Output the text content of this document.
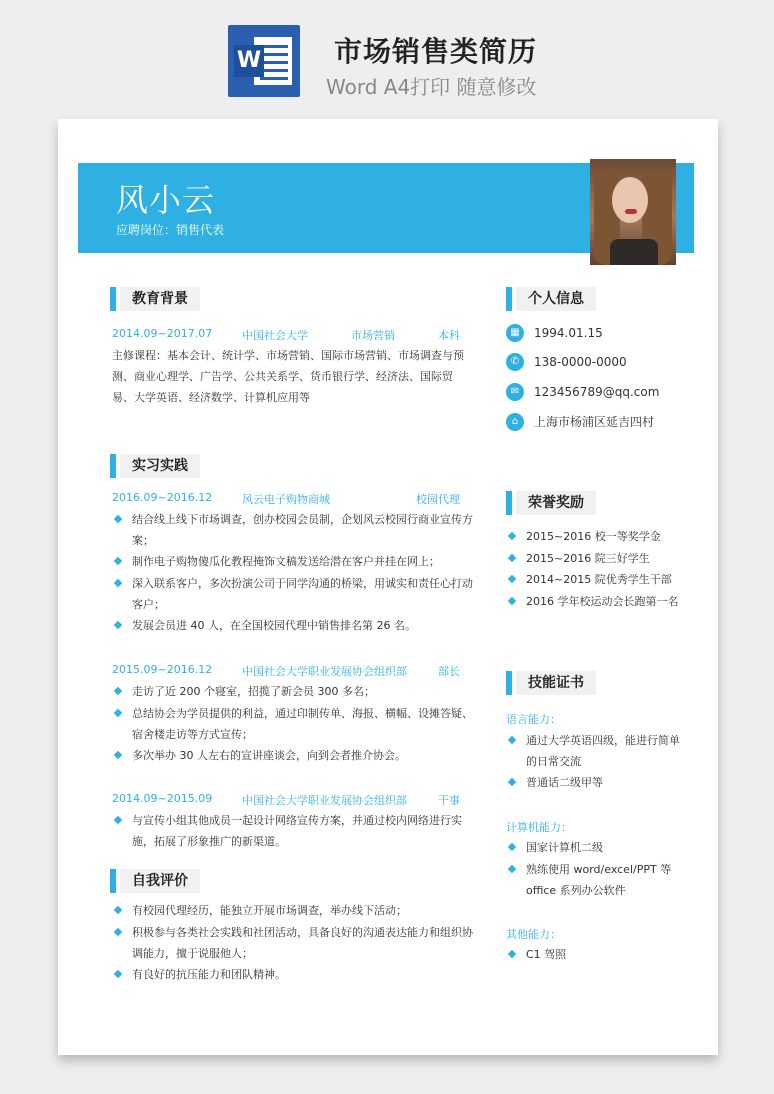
W	市场销售类简历
Word A4打印 随意修改
风小云
应聘岗位：销售代表
教育背景
2014.09~2017.07	中国社会大学	市场营销	本科
主修课程：基本会计、统计学、市场营销、国际市场营销、市场调查与预测、商业心理学、广告学、公共关系学、货币银行学、经济法、国际贸易、大学英语、经济数学、计算机应用等
实习实践
2016.09~2016.12	风云电子购物商城	校园代理
结合线上线下市场调查，创办校园会员制，企划风云校园行商业宣传方案；
制作电子购物傻瓜化教程掩饰文稿发送给潜在客户并挂在网上；
深入联系客户，多次扮演公司于同学沟通的桥梁，用诚实和责任心打动客户；
发展会员进 40 人，在全国校园代理中销售排名第 26 名。
2015.09~2016.12	中国社会大学职业发展协会组织部	部长
走访了近 200 个寝室，招揽了新会员 300 多名；
总结协会为学员提供的利益，通过印制传单、海报、横幅、设摊答疑、宿舍楼走访等方式宣传；
多次举办 30 人左右的宣讲座谈会，向到会者推介协会。
2014.09~2015.09	中国社会大学职业发展协会组织部	干事
与宣传小组其他成员一起设计网络宣传方案，并通过校内网络进行实施，拓展了形象推广的新渠道。
自我评价
有校园代理经历，能独立开展市场调查，举办线下活动；
积极参与各类社会实践和社团活动，具备良好的沟通表达能力和组织协调能力，擅于说服他人；
有良好的抗压能力和团队精神。
个人信息
▦	1994.01.15
✆	138-0000-0000
✉	123456789@qq.com
⌂	上海市杨浦区延吉四村
荣誉奖励
2015~2016 校一等奖学金
2015~2016 院三好学生
2014~2015 院优秀学生干部
2016 学年校运动会长跑第一名
技能证书
语言能力：
通过大学英语四级，能进行简单的日常交流
普通话二级甲等
计算机能力：
国家计算机二级
熟练使用 word/excel/PPT 等 office 系列办公软件
其他能力：
C1 驾照
